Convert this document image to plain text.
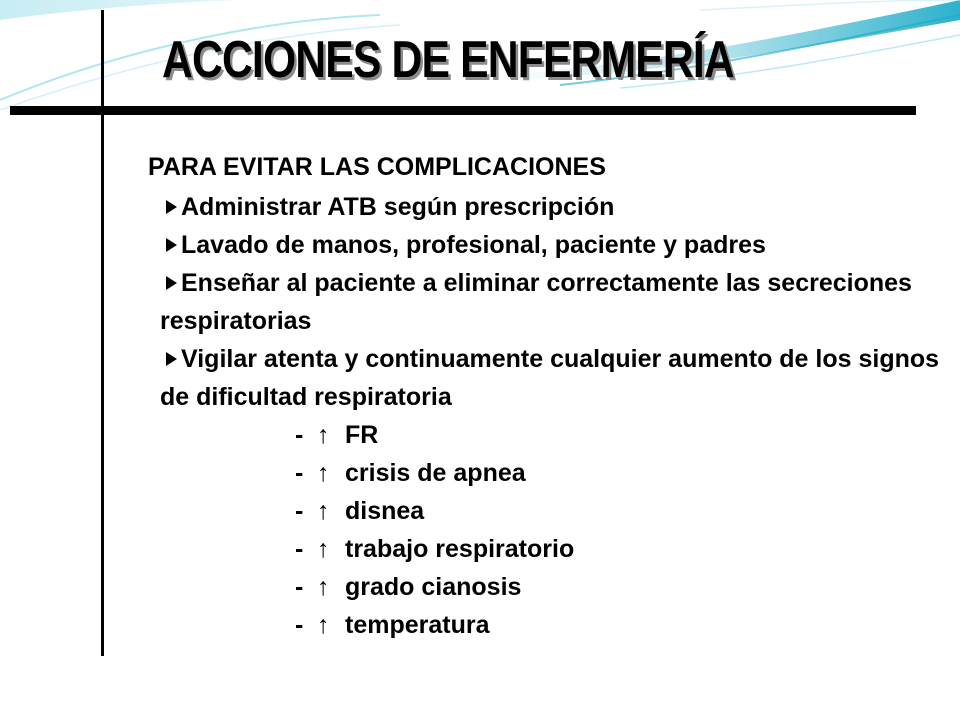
ACCIONES DE ENFERMERÍA

PARA EVITAR LAS COMPLICACIONES

Administrar ATB según prescripción
Lavado de manos, profesional, paciente y padres
Enseñar al paciente a eliminar correctamente las secreciones respiratorias
Vigilar atenta y continuamente cualquier aumento de los signos de dificultad respiratoria
- ↑ FR
- ↑ crisis de apnea
- ↑ disnea
- ↑ trabajo respiratorio
- ↑ grado cianosis
- ↑ temperatura
